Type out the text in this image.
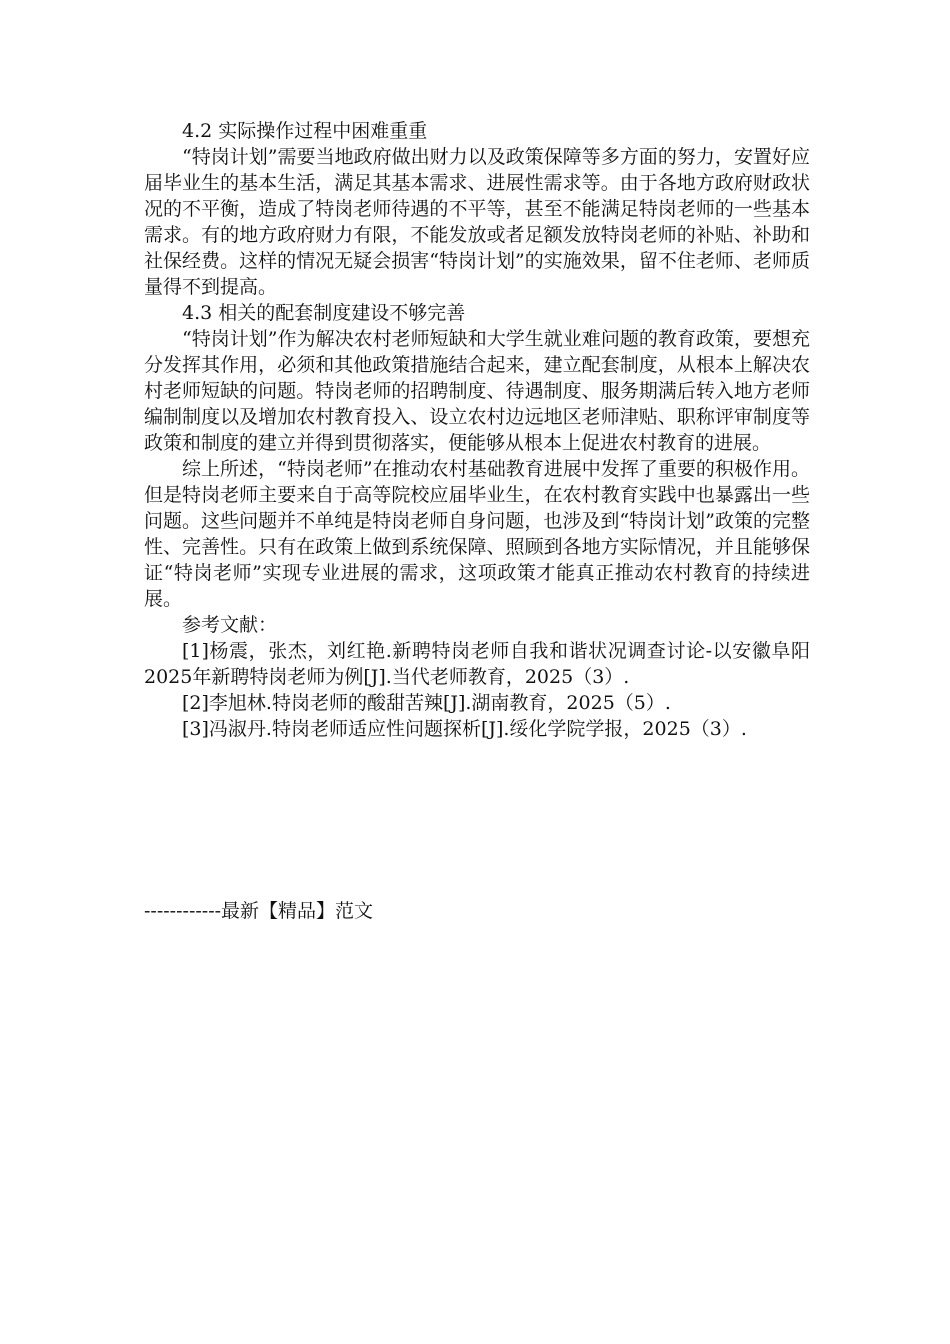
4.2 实际操作过程中困难重重

“特岗计划”需要当地政府做出财力以及政策保障等多方面的努力，安置好应届毕业生的基本生活，满足其基本需求、进展性需求等。由于各地方政府财政状况的不平衡，造成了特岗老师待遇的不平等，甚至不能满足特岗老师的一些基本需求。有的地方政府财力有限，不能发放或者足额发放特岗老师的补贴、补助和社保经费。这样的情况无疑会损害“特岗计划”的实施效果，留不住老师、老师质量得不到提高。

4.3 相关的配套制度建设不够完善

“特岗计划”作为解决农村老师短缺和大学生就业难问题的教育政策，要想充分发挥其作用，必须和其他政策措施结合起来，建立配套制度，从根本上解决农村老师短缺的问题。特岗老师的招聘制度、待遇制度、服务期满后转入地方老师编制制度以及增加农村教育投入、设立农村边远地区老师津贴、职称评审制度等政策和制度的建立并得到贯彻落实，便能够从根本上促进农村教育的进展。

综上所述，“特岗老师”在推动农村基础教育进展中发挥了重要的积极作用。但是特岗老师主要来自于高等院校应届毕业生，在农村教育实践中也暴露出一些问题。这些问题并不单纯是特岗老师自身问题，也涉及到“特岗计划”政策的完整性、完善性。只有在政策上做到系统保障、照顾到各地方实际情况，并且能够保证“特岗老师”实现专业进展的需求，这项政策才能真正推动农村教育的持续进展。

参考文献：

[1]杨震，张杰，刘红艳.新聘特岗老师自我和谐状况调查讨论-以安徽阜阳2025年新聘特岗老师为例[J].当代老师教育，2025（3）.

[2]李旭林.特岗老师的酸甜苦辣[J].湖南教育，2025（5）.

[3]冯淑丹.特岗老师适应性问题探析[J].绥化学院学报，2025（3）.

------------最新【精品】范文
